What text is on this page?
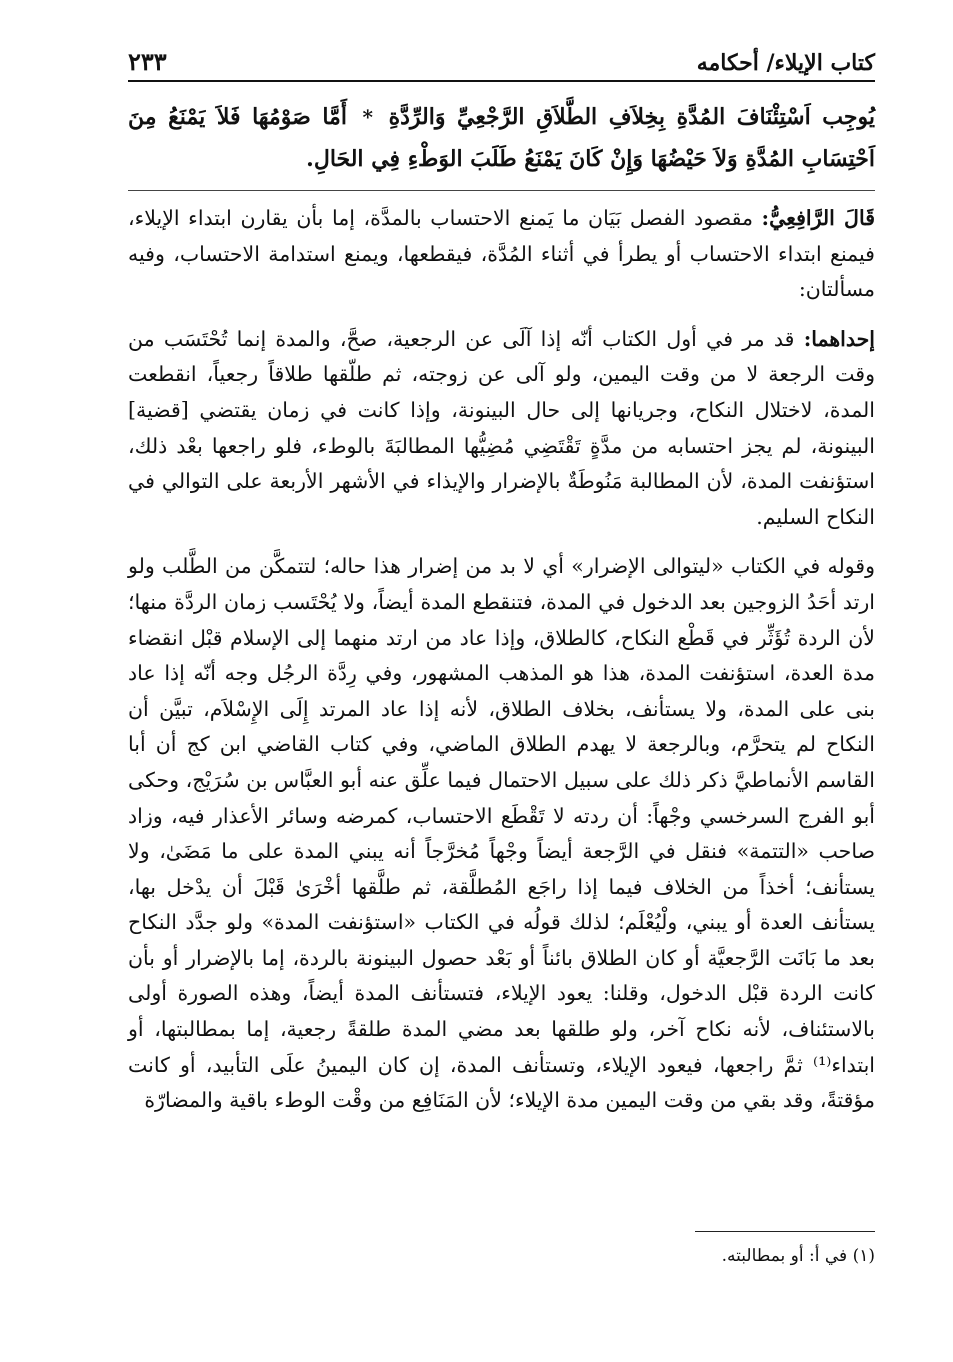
كتاب الإيلاء/ أحكامه
٢٣٣
يُوجِب اَسْتِئْنَافَ المُدَّةِ بِخِلاَفِ الطَّلاَقِ الرَّجْعِيِّ وَالرِّدَّةِ * أَمَّا صَوْمُهَا فَلاَ يَمْنَعُ مِنَ اَحْتِسَابِ المُدَّةِ وَلاَ حَيْضُهَا وَإِنْ كَانَ يَمْنَعُ طَلَبَ الوَطْءِ فِي الحَالِ.

قَالَ الرَّافِعِيُّ: مقصود الفصل بَيَان ما يَمنع الاحتساب بالمدَّة، إما بأن يقارن ابتداء الإيلاء، فيمنع ابتداء الاحتساب أو يطرأ في أثناء المُدَّة، فيقطعها، ويمنع استدامة الاحتساب، وفيه مسألتان:

إحداهما: قد مر في أول الكتاب أنّه إذا آلَى عن الرجعية، صحَّ، والمدة إنما تُحْتَسَب من وقت الرجعة لا من وقت اليمين، ولو آلى عن زوجته، ثم طلّقها طلاقاً رجعياً، انقطعت المدة، لاختلال النكاح، وجريانها إلى حال البينونة، وإذا كانت في زمان يقتضي [قضية] البينونة، لم يجز احتسابه من مدَّةٍ تَقْتَضِي مُضِيُّها المطالبَةَ بالوطء، فلو راجعها بعْد ذلك، استؤنفت المدة، لأن المطالبة مَنُوطَةٌ بالإضرار والإيذاء في الأشهر الأربعة على التوالي في النكاح السليم.

وقوله في الكتاب «ليتوالى الإضرار» أي لا بد من إضرار هذا حاله؛ لتتمكَّن من الطَّلب ولو ارتد أحَدُ الزوجين بعد الدخول في المدة، فتنقطع المدة أيضاً، ولا يُحْتَسب زمان الردَّة منها؛ لأن الردة تُؤَثِّر في قَطْع النكاح، كالطلاق، وإذا عاد من ارتد منهما إلى الإسلام قبْل انقضاء مدة العدة، استؤنفت المدة، هذا هو المذهب المشهور، وفي رِدَّة الرجُل وجه أنّه إذا عاد بنى على المدة، ولا يستأنف، بخلاف الطلاق، لأنه إذا عاد المرتد إِلَى الإِسْلاَم، تبيَّن أن النكاح لم يتحرَّم، وبالرجعة لا يهدم الطلاق الماضي، وفي كتاب القاضي ابن كج أن أبا القاسم الأنماطيَّ ذكر ذلك على سبيل الاحتمال فيما علِّق عنه أبو العبَّاس بن سُرَيْج، وحكى أبو الفرج السرخسي وجْهاً: أن ردته لا تَقْطَع الاحتساب، كمرضه وسائر الأعذار فيه، وزاد صاحب «التتمة» فنقل في الرَّجعة أيضاً وجْهاً مُخرَّجاً أنه يبني المدة على ما مَضَىٰ، ولا يستأنف؛ أخذاً من الخلاف فيما إذا راجَع المُطلَّقة، ثم طلَّقها أخْرَىٰ قَبْلَ أن يدْخل بها، يستأنف العدة أو يبني، ولْيُعْلَم؛ لذلك قولُه في الكتاب «استؤنفت المدة» ولو جدَّد النكاح بعد ما بَانَت الرَّجعيَّة أو كان الطلاق بائناً أو بَعْد حصول البينونة بالردة، إما بالإضرار أو بأن كانت الردة قبْل الدخول، وقلنا: يعود الإيلاء، فتستأنف المدة أيضاً، وهذه الصورة أولى بالاستئناف، لأنه نكاح آخر، ولو طلقها بعد مضي المدة طلقةً رجعية، إما بمطالبتها، أو ابتداء⁽¹⁾ ثمَّ راجعها، فيعود الإيلاء، وتستأنف المدة، إن كان اليمينُ علَى التأبيد، أو كانت مؤقتةً، وقد بقي من وقت اليمين مدة الإيلاء؛ لأن المَنَافِع من وقْت الوطء باقية والمضارّة

(١) في أ: أو بمطالبته.
